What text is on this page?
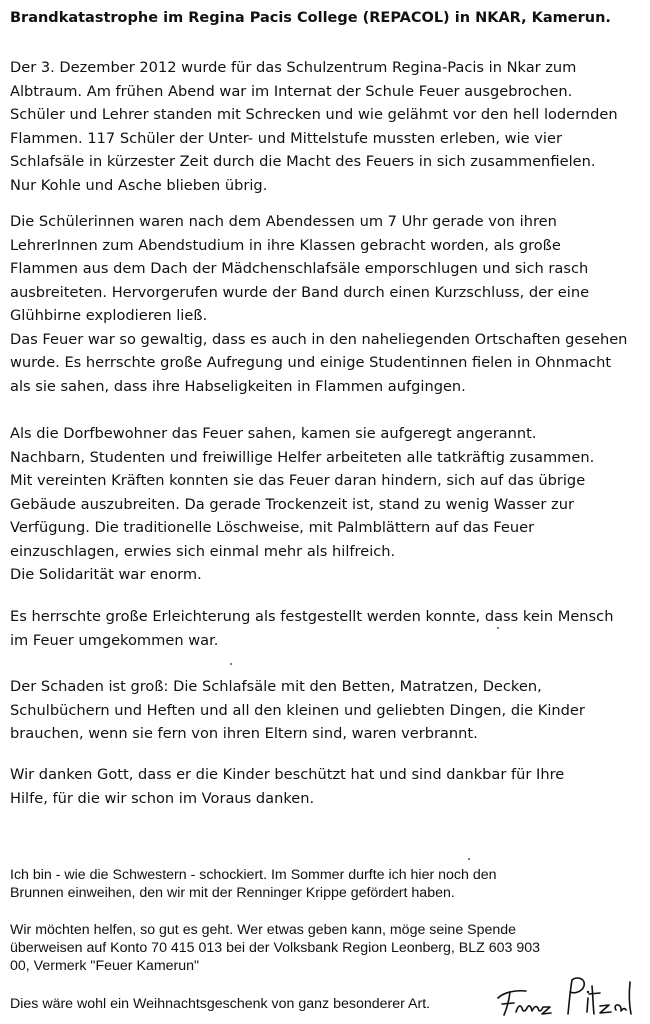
Brandkatastrophe im Regina Pacis College (REPACOL) in NKAR, Kamerun.
Der 3. Dezember 2012 wurde für das Schulzentrum Regina-Pacis in Nkar zum
Albtraum. Am frühen Abend war im Internat der Schule Feuer ausgebrochen.
Schüler und Lehrer standen mit Schrecken und wie gelähmt vor den hell lodernden
Flammen. 117 Schüler der Unter- und Mittelstufe mussten erleben, wie vier
Schlafsäle in kürzester Zeit durch die Macht des Feuers in sich zusammenfielen.
Nur Kohle und Asche blieben übrig.
Die Schülerinnen waren nach dem Abendessen um 7 Uhr gerade von ihren
LehrerInnen zum Abendstudium in ihre Klassen gebracht worden, als große
Flammen aus dem Dach der Mädchenschlafsäle emporschlugen und sich rasch
ausbreiteten. Hervorgerufen wurde der Band durch einen Kurzschluss, der eine
Glühbirne explodieren ließ.
Das Feuer war so gewaltig, dass es auch in den naheliegenden Ortschaften gesehen
wurde. Es herrschte große Aufregung und einige Studentinnen fielen in Ohnmacht
als sie sahen, dass ihre Habseligkeiten in Flammen aufgingen.
Als die Dorfbewohner das Feuer sahen, kamen sie aufgeregt angerannt.
Nachbarn, Studenten und freiwillige Helfer arbeiteten alle tatkräftig zusammen.
Mit vereinten Kräften konnten sie das Feuer daran hindern, sich auf das übrige
Gebäude auszubreiten. Da gerade Trockenzeit ist, stand zu wenig Wasser zur
Verfügung. Die traditionelle Löschweise, mit Palmblättern auf das Feuer
einzuschlagen, erwies sich einmal mehr als hilfreich.
Die Solidarität war enorm.
Es herrschte große Erleichterung als festgestellt werden konnte, dass kein Mensch
im Feuer umgekommen war.
Der Schaden ist groß: Die Schlafsäle mit den Betten, Matratzen, Decken,
Schulbüchern und Heften und all den kleinen und geliebten Dingen, die Kinder
brauchen, wenn sie fern von ihren Eltern sind, waren verbrannt.
Wir danken Gott, dass er die Kinder beschützt hat und sind dankbar für Ihre
Hilfe, für die wir schon im Voraus danken.
Ich bin - wie die Schwestern - schockiert. Im Sommer durfte ich hier noch den
Brunnen einweihen, den wir mit der Renninger Krippe gefördert haben.
Wir möchten helfen, so gut es geht. Wer etwas geben kann, möge seine Spende
überweisen auf Konto 70 415 013 bei der Volksbank Region Leonberg, BLZ 603 903
00, Vermerk "Feuer Kamerun"
Dies wäre wohl ein Weihnachtsgeschenk von ganz besonderer Art.
